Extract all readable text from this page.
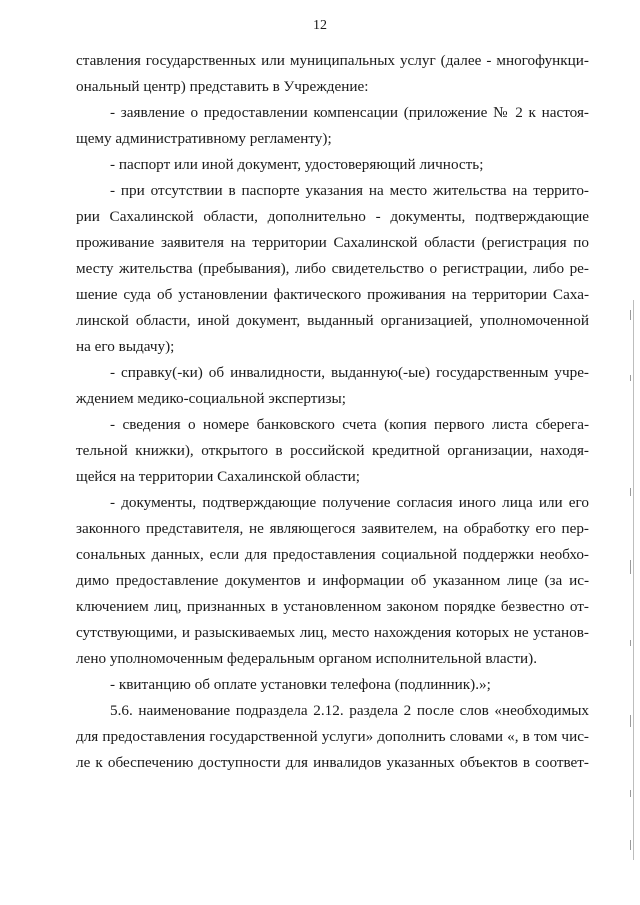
12
ставления государственных или муниципальных услуг (далее - многофункци-
ональный центр) представить в Учреждение:
- заявление о предоставлении компенсации (приложение № 2 к настоя-
щему административному регламенту);
- паспорт или иной документ, удостоверяющий личность;
- при отсутствии в паспорте указания на место жительства на террито-
рии Сахалинской области, дополнительно - документы, подтверждающие
проживание заявителя на территории Сахалинской области (регистрация по
месту жительства (пребывания), либо свидетельство о регистрации, либо ре-
шение суда об установлении фактического проживания на территории Саха-
линской области, иной документ, выданный организацией, уполномоченной
на его выдачу);
- справку(-ки) об инвалидности, выданную(-ые) государственным учре-
ждением медико-социальной экспертизы;
- сведения о номере банковского счета (копия первого листа сберега-
тельной книжки), открытого в российской кредитной организации, находя-
щейся на территории Сахалинской области;
- документы, подтверждающие получение согласия иного лица или его
законного представителя, не являющегося заявителем, на обработку его пер-
сональных данных, если для предоставления социальной поддержки необхо-
димо предоставление документов и информации об указанном лице (за ис-
ключением лиц, признанных в установленном законом порядке безвестно от-
сутствующими, и разыскиваемых лиц, место нахождения которых не установ-
лено уполномоченным федеральным органом исполнительной власти).
- квитанцию об оплате установки телефона (подлинник).»;
5.6. наименование подраздела 2.12. раздела 2 после слов «необходимых
для предоставления государственной услуги» дополнить словами «, в том чис-
ле к обеспечению доступности для инвалидов указанных объектов в соответ-
